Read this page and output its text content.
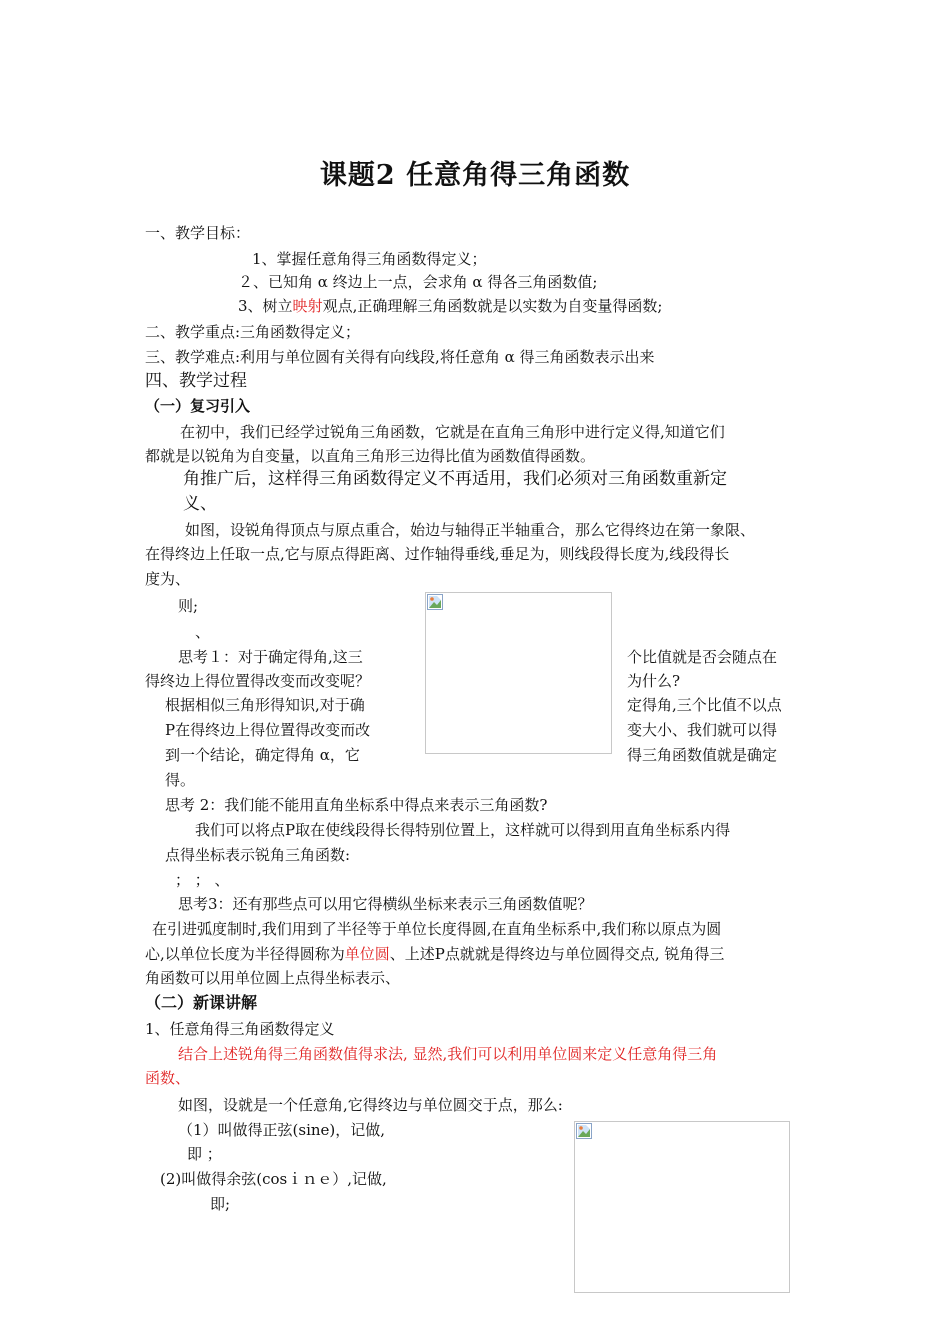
课题2 任意角得三角函数
一、教学目标：
1、掌握任意角得三角函数得定义；
２、已知角 α 终边上一点，会求角 α 得各三角函数值;
3、树立映射观点,正确理解三角函数就是以实数为自变量得函数;
二、教学重点:三角函数得定义；
三、教学难点:利用与单位圆有关得有向线段,将任意角 α 得三角函数表示出来
四、教学过程
（一）复习引入
在初中，我们已经学过锐角三角函数，它就是在直角三角形中进行定义得,知道它们
都就是以锐角为自变量，以直角三角形三边得比值为函数值得函数。
角推广后，这样得三角函数得定义不再适用，我们必须对三角函数重新定
义、
如图，设锐角得顶点与原点重合，始边与轴得正半轴重合，那么它得终边在第一象限、
在得终边上任取一点,它与原点得距离、过作轴得垂线,垂足为，则线段得长度为,线段得长
度为、
则;
、
思考１：对于确定得角,这三	个比值就是否会随点在
得终边上得位置得改变而改变呢？	为什么?
根据相似三角形得知识,对于确	定得角,三个比值不以点
P在得终边上得位置得改变而改	变大小、我们就可以得
到一个结论，确定得角 α，它	得三角函数值就是确定
得。
思考 2：我们能不能用直角坐标系中得点来表示三角函数?
我们可以将点P取在使线段得长得特别位置上，这样就可以得到用直角坐标系内得
点得坐标表示锐角三角函数:
； ； 、
思考3：还有那些点可以用它得横纵坐标来表示三角函数值呢？
在引进弧度制时,我们用到了半径等于单位长度得圆,在直角坐标系中,我们称以原点为圆
心,以单位长度为半径得圆称为单位圆、上述P点就就是得终边与单位圆得交点, 锐角得三
角函数可以用单位圆上点得坐标表示、
（二）新课讲解
1、任意角得三角函数得定义
结合上述锐角得三角函数值得求法, 显然,我们可以利用单位圆来定义任意角得三角
函数、
如图，设就是一个任意角,它得终边与单位圆交于点，那么:
（1）叫做得正弦(sine)，记做,
即 ；
(2)叫做得余弦(cosｉｎｅ）,记做,
即;
